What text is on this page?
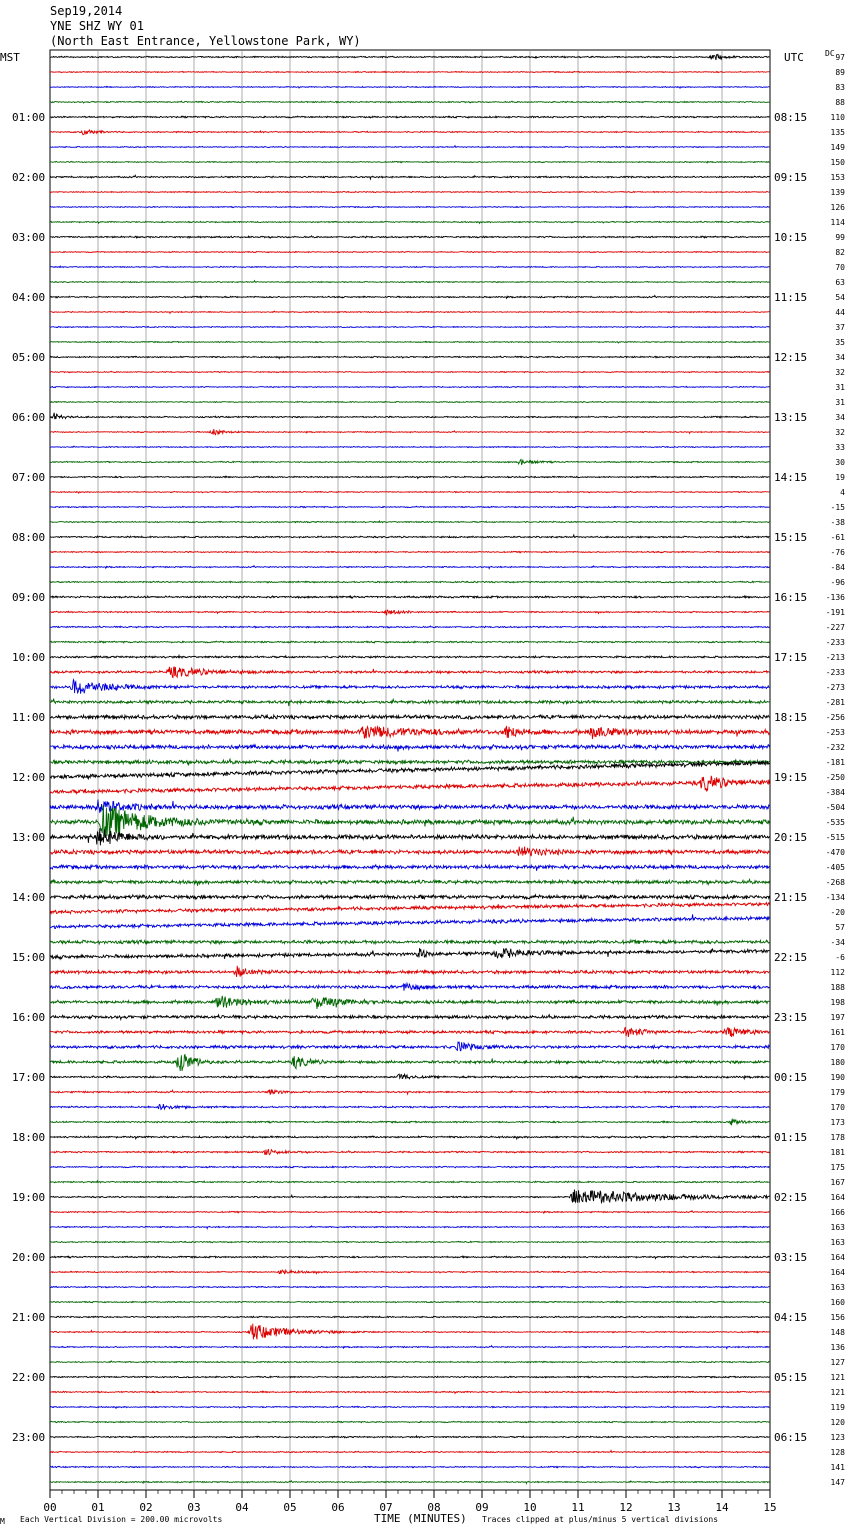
Sep19,2014
YNE SHZ WY 01
(North East Entrance, Yellowstone Park, WY)
MST	UTC	DC
01:00
02:00
03:00
04:00
05:00
06:00
07:00
08:00
09:00
10:00
11:00
12:00
13:00
14:00
15:00
16:00
17:00
18:00
19:00
20:00
21:00
22:00
23:00
08:15
09:15
10:15
11:15
12:15
13:15
14:15
15:15
16:15
17:15
18:15
19:15
20:15
21:15
22:15
23:15
00:15
01:15
02:15
03:15
04:15
05:15
06:15
97
89
83
88
110
135
149
150
153
139
126
114
99
82
70
63
54
44
37
35
34
32
31
31
34
32
33
30
19
4
-15
-38
-61
-76
-84
-96
-136
-191
-227
-233
-213
-233
-273
-281
-256
-253
-232
-181
-250
-384
-504
-535
-515
-470
-405
-268
-134
-20
57
-34
-6
112
188
198
197
161
170
180
190
179
170
173
178
181
175
167
164
166
163
163
164
164
163
160
156
148
136
127
121
121
119
120
123
128
141
147
00	01	02	03	04	05	06	07	08	09	10	11	12	13	14	15
M Each Vertical Division = 200.00 microvolts	TIME (MINUTES) Traces clipped at plus/minus 5 vertical divisions
